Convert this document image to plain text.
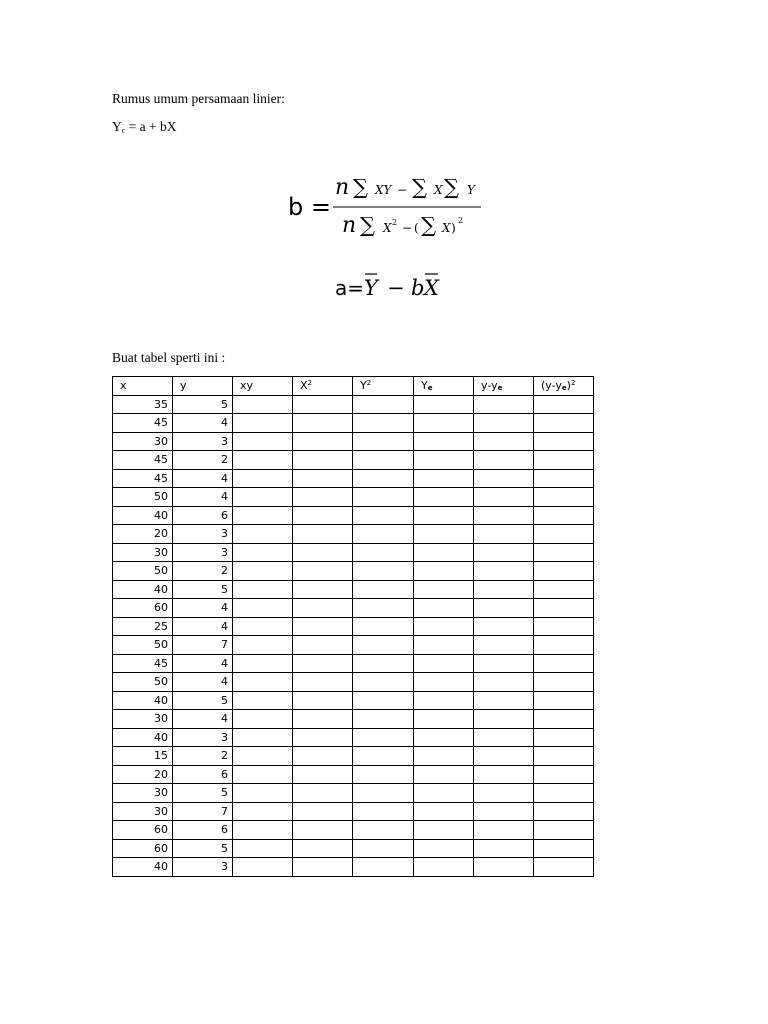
Rumus umum persamaan linier:
$Y_c = a$ + bX
b =
n ∑ XY − ∑ X ∑ Y
n ∑ X 2 − ( ∑ X )
2
a= Y − b X
Buat tabel sperti ini :
x	y	xy	$X^2$	$Y^2$	$Y_e$	$y-y_e$	$(y-y_e)^2$
35	5						
45	4						
30	3						
45	2						
45	4						
50	4						
40	6						
20	3						
30	3						
50	2						
40	5						
60	4						
25	4						
50	7						
45	4						
50	4						
40	5						
30	4						
40	3						
15	2						
20	6						
30	5						
30	7						
60	6						
60	5						
40	3						
